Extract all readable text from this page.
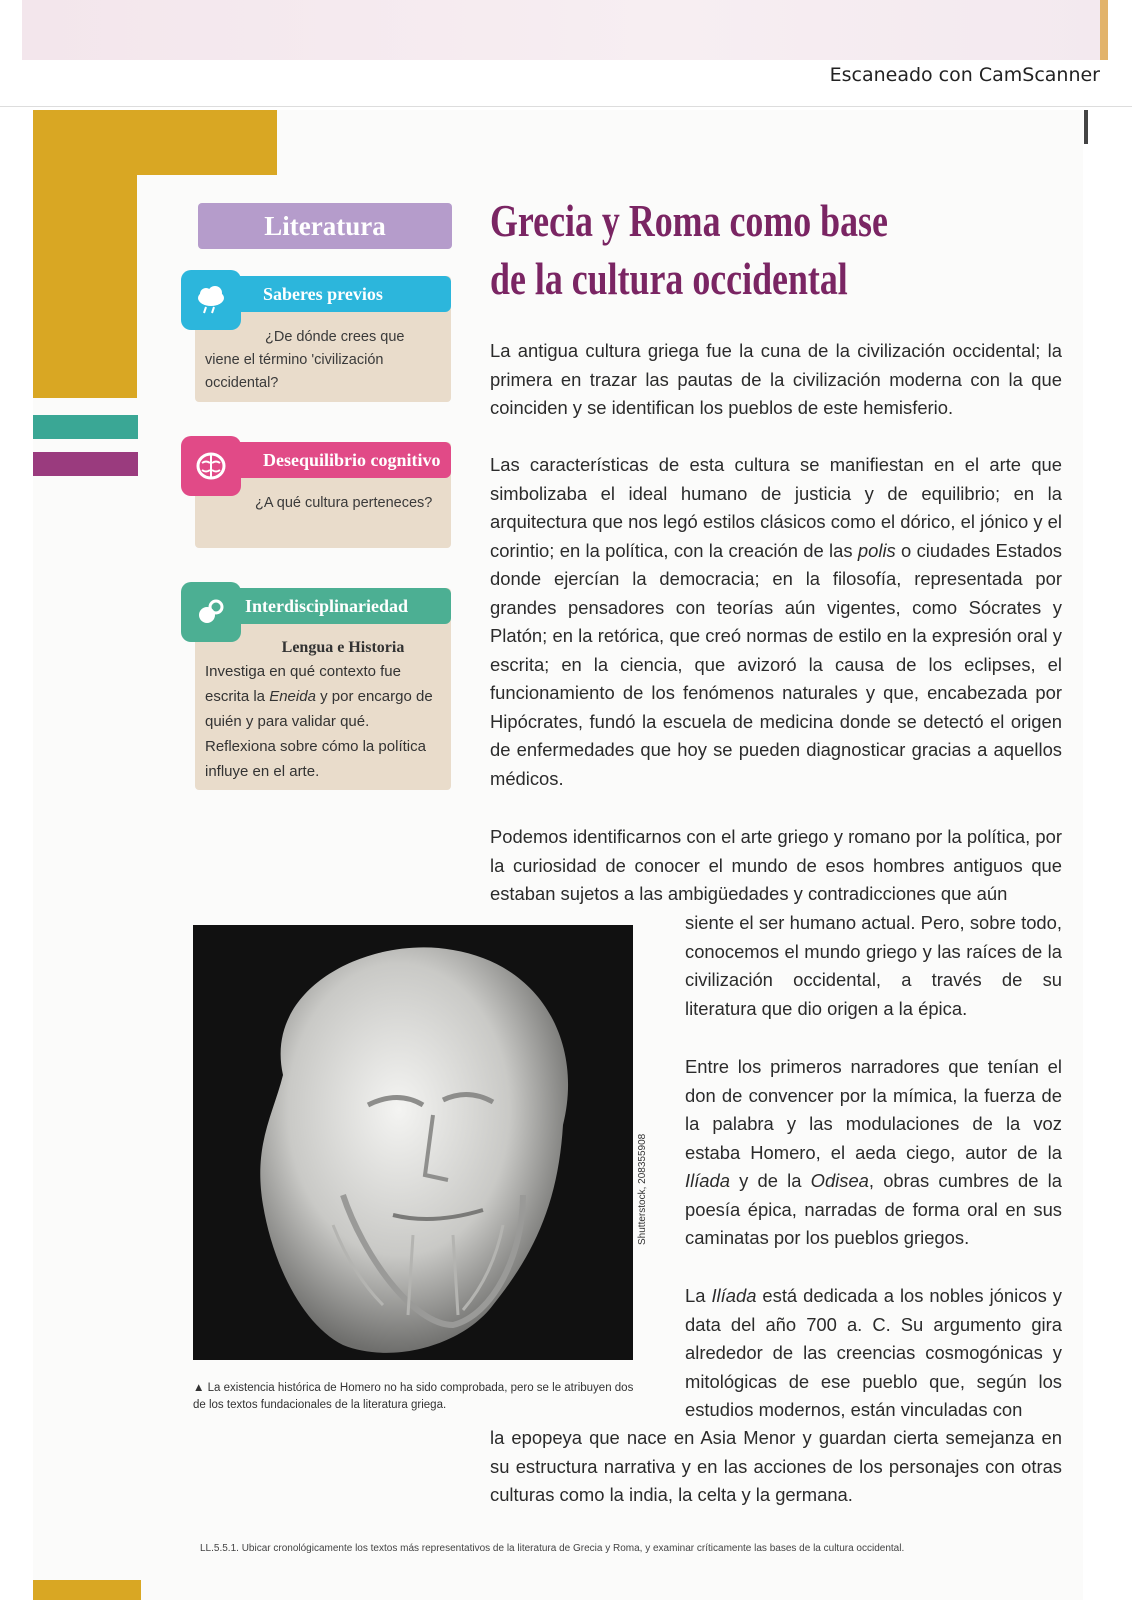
Escaneado con CamScanner
Literatura
Saberes previos
¿De dónde crees que viene el término 'civilización occidental?
Desequilibrio cognitivo
¿A qué cultura perteneces?
Interdisciplinariedad
Lengua e Historia
Investiga en qué contexto fue escrita la Eneida y por encargo de quién y para validar qué. Reflexiona sobre cómo la política influye en el arte.
Grecia y Roma como base
de la cultura occidental
La antigua cultura griega fue la cuna de la civilización occidental; la primera en trazar las pautas de la civilización moderna con la que coinciden y se identifican los pueblos de este hemisferio.
Las características de esta cultura se manifiestan en el arte que simbolizaba el ideal humano de justicia y de equilibrio; en la arquitectura que nos legó estilos clásicos como el dórico, el jónico y el corintio; en la política, con la creación de las polis o ciudades Estados donde ejercían la democracia; en la filosofía, representada por grandes pensadores con teorías aún vigentes, como Sócrates y Platón; en la retórica, que creó normas de estilo en la expresión oral y escrita; en la ciencia, que avizoró la causa de los eclipses, el funcionamiento de los fenómenos naturales y que, encabezada por Hipócrates, fundó la escuela de medicina donde se detectó el origen de enfermedades que hoy se pueden diagnosticar gracias a aquellos médicos.
Podemos identificarnos con el arte griego y romano por la política, por la curiosidad de conocer el mundo de esos hombres antiguos que estaban sujetos a las ambigüedades y contradicciones que aún
siente el ser humano actual. Pero, sobre todo, conocemos el mundo griego y las raíces de la civilización occidental, a través de su literatura que dio origen a la épica.
Entre los primeros narradores que tenían el don de convencer por la mímica, la fuerza de la palabra y las modulaciones de la voz estaba Homero, el aeda ciego, autor de la Ilíada y de la Odisea, obras cumbres de la poesía épica, narradas de forma oral en sus caminatas por los pueblos griegos.
La Ilíada está dedicada a los nobles jónicos y data del año 700 a. C. Su argumento gira alrededor de las creencias cosmogónicas y mitológicas de ese pueblo que, según los estudios modernos, están vinculadas con
la epopeya que nace en Asia Menor y guardan cierta semejanza en su estructura narrativa y en las acciones de los personajes con otras culturas como la india, la celta y la germana.
Shutterstock, 208355908
▲ La existencia histórica de Homero no ha sido comprobada, pero se le atribuyen dos de los textos fundacionales de la literatura griega.
LL.5.5.1. Ubicar cronológicamente los textos más representativos de la literatura de Grecia y Roma, y examinar críticamente las bases de la cultura occidental.
